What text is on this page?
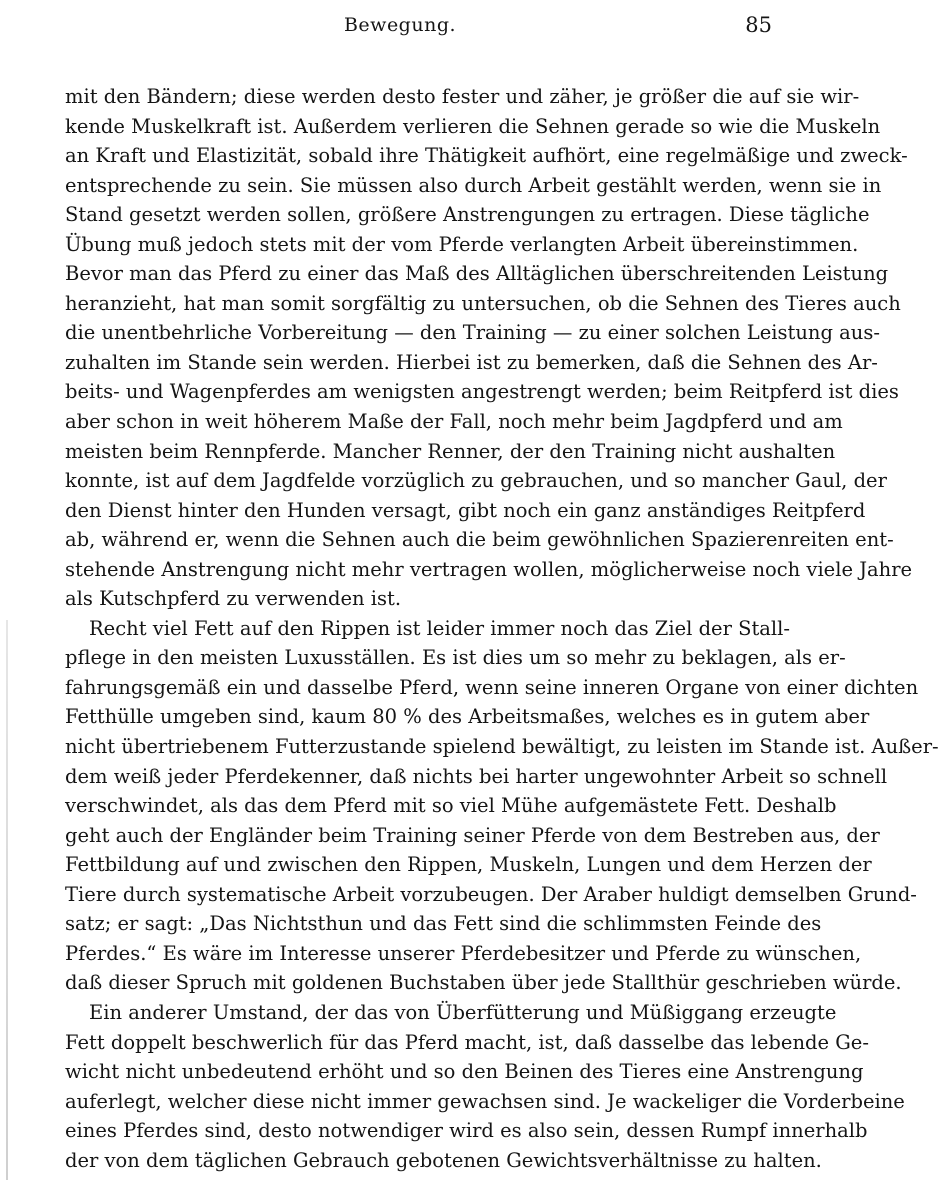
Bewegung.	85
mit den Bändern; diese werden desto fester und zäher, je größer die auf sie wir-
kende Muskelkraft ist. Außerdem verlieren die Sehnen gerade so wie die Muskeln
an Kraft und Elastizität, sobald ihre Thätigkeit aufhört, eine regelmäßige und zweck-
entsprechende zu sein. Sie müssen also durch Arbeit gestählt werden, wenn sie in
Stand gesetzt werden sollen, größere Anstrengungen zu ertragen. Diese tägliche
Übung muß jedoch stets mit der vom Pferde verlangten Arbeit übereinstimmen.
Bevor man das Pferd zu einer das Maß des Alltäglichen überschreitenden Leistung
heranzieht, hat man somit sorgfältig zu untersuchen, ob die Sehnen des Tieres auch
die unentbehrliche Vorbereitung — den Training — zu einer solchen Leistung aus-
zuhalten im Stande sein werden. Hierbei ist zu bemerken, daß die Sehnen des Ar-
beits- und Wagenpferdes am wenigsten angestrengt werden; beim Reitpferd ist dies
aber schon in weit höherem Maße der Fall, noch mehr beim Jagdpferd und am
meisten beim Rennpferde. Mancher Renner, der den Training nicht aushalten
konnte, ist auf dem Jagdfelde vorzüglich zu gebrauchen, und so mancher Gaul, der
den Dienst hinter den Hunden versagt, gibt noch ein ganz anständiges Reitpferd
ab, während er, wenn die Sehnen auch die beim gewöhnlichen Spazierenreiten ent-
stehende Anstrengung nicht mehr vertragen wollen, möglicherweise noch viele Jahre
als Kutschpferd zu verwenden ist.
Recht viel Fett auf den Rippen ist leider immer noch das Ziel der Stall-
pflege in den meisten Luxusställen. Es ist dies um so mehr zu beklagen, als er-
fahrungsgemäß ein und dasselbe Pferd, wenn seine inneren Organe von einer dichten
Fetthülle umgeben sind, kaum 80 % des Arbeitsmaßes, welches es in gutem aber
nicht übertriebenem Futterzustande spielend bewältigt, zu leisten im Stande ist. Außer-
dem weiß jeder Pferdekenner, daß nichts bei harter ungewohnter Arbeit so schnell
verschwindet, als das dem Pferd mit so viel Mühe aufgemästete Fett. Deshalb
geht auch der Engländer beim Training seiner Pferde von dem Bestreben aus, der
Fettbildung auf und zwischen den Rippen, Muskeln, Lungen und dem Herzen der
Tiere durch systematische Arbeit vorzubeugen. Der Araber huldigt demselben Grund-
satz; er sagt: „Das Nichtsthun und das Fett sind die schlimmsten Feinde des
Pferdes.“ Es wäre im Interesse unserer Pferdebesitzer und Pferde zu wünschen,
daß dieser Spruch mit goldenen Buchstaben über jede Stallthür geschrieben würde.
Ein anderer Umstand, der das von Überfütterung und Müßiggang erzeugte
Fett doppelt beschwerlich für das Pferd macht, ist, daß dasselbe das lebende Ge-
wicht nicht unbedeutend erhöht und so den Beinen des Tieres eine Anstrengung
auferlegt, welcher diese nicht immer gewachsen sind. Je wackeliger die Vorderbeine
eines Pferdes sind, desto notwendiger wird es also sein, dessen Rumpf innerhalb
der von dem täglichen Gebrauch gebotenen Gewichtsverhältnisse zu halten.
